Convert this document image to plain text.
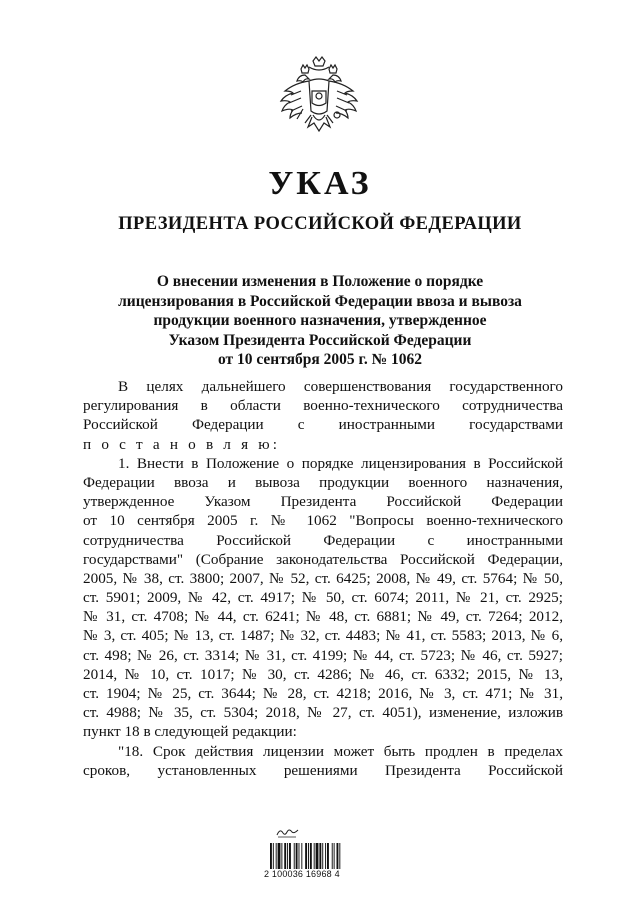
УКАЗ
ПРЕЗИДЕНТА РОССИЙСКОЙ ФЕДЕРАЦИИ
О внесении изменения в Положение о порядке
лицензирования в Российской Федерации ввоза и вывоза
продукции военного назначения, утвержденное
Указом Президента Российской Федерации
от 10 сентября 2005 г. № 1062
В целях дальнейшего совершенствования государственного
регулирования в области военно-технического сотрудничества
Российской Федерации с иностранными государствами
п о с т а н о в л я ю:
1. Внести в Положение о порядке лицензирования в Российской
Федерации ввоза и вывоза продукции военного назначения,
утвержденное Указом Президента Российской Федерации
от 10 сентября 2005 г. № 1062 "Вопросы военно-технического
сотрудничества Российской Федерации с иностранными
государствами" (Собрание законодательства Российской Федерации,
2005, № 38, ст. 3800; 2007, № 52, ст. 6425; 2008, № 49, ст. 5764; № 50,
ст. 5901; 2009, № 42, ст. 4917; № 50, ст. 6074; 2011, № 21, ст. 2925;
№ 31, ст. 4708; № 44, ст. 6241; № 48, ст. 6881; № 49, ст. 7264; 2012,
№ 3, ст. 405; № 13, ст. 1487; № 32, ст. 4483; № 41, ст. 5583; 2013, № 6,
ст. 498; № 26, ст. 3314; № 31, ст. 4199; № 44, ст. 5723; № 46, ст. 5927;
2014, № 10, ст. 1017; № 30, ст. 4286; № 46, ст. 6332; 2015, № 13,
ст. 1904; № 25, ст. 3644; № 28, ст. 4218; 2016, № 3, ст. 471; № 31,
ст. 4988; № 35, ст. 5304; 2018, № 27, ст. 4051), изменение, изложив
пункт 18 в следующей редакции:
"18. Срок действия лицензии может быть продлен в пределах
сроков, установленных решениями Президента Российской
2 100036 16968 4
